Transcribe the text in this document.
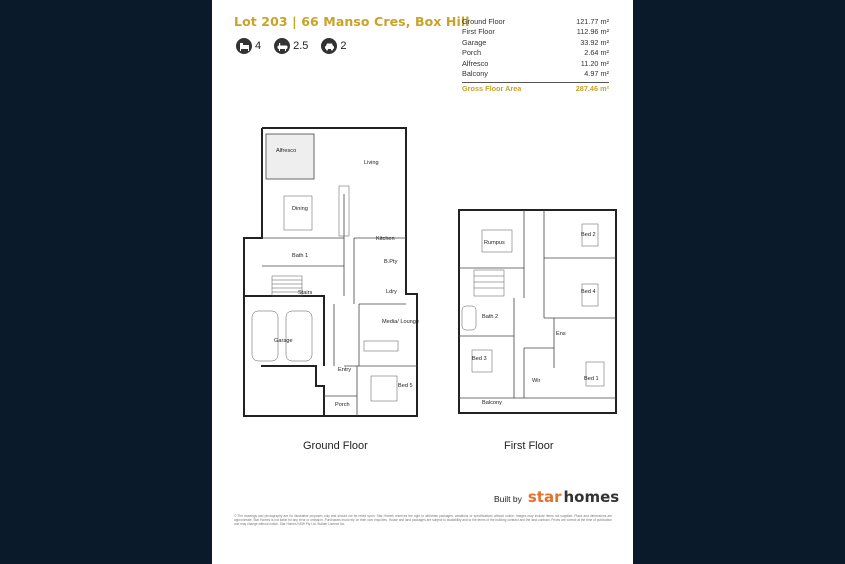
Lot 203 | 66 Manso Cres, Box Hill
4	2.5	2
Ground Floor	121.77 m²
First Floor	112.96 m²
Garage	33.92 m²
Porch	2.64 m²
Alfresco	11.20 m²
Balcony	4.97 m²
Gross Floor Area	287.46 m²
Alfresco
Living
Dining
Kitchen
Bath 1
B.Pty
Stairs	Ldry
Media/ Lounge
Garage
Entry
Bed 5
Porch
Rumpus
Bed 2
Bed 4
Bath 2
Ens
Bed 3
Wir	Bed 1
Balcony
Ground Floor	First Floor
Built by star homes
© The drawings and photography are for illustrative purposes only and should not be relied upon. Star Homes reserves the right to withdraw packages, variations or specifications without notice. Images may include items not supplied. Plans and dimensions are approximate. Star Homes is not liable for any error or omission. Purchasers must rely on their own enquiries. House and land packages are subject to availability and to the terms of the building contract and the land contract. Prices are correct at the time of publication and may change without notice. Star Homes NSW Pty Ltd. Builder Licence No.
